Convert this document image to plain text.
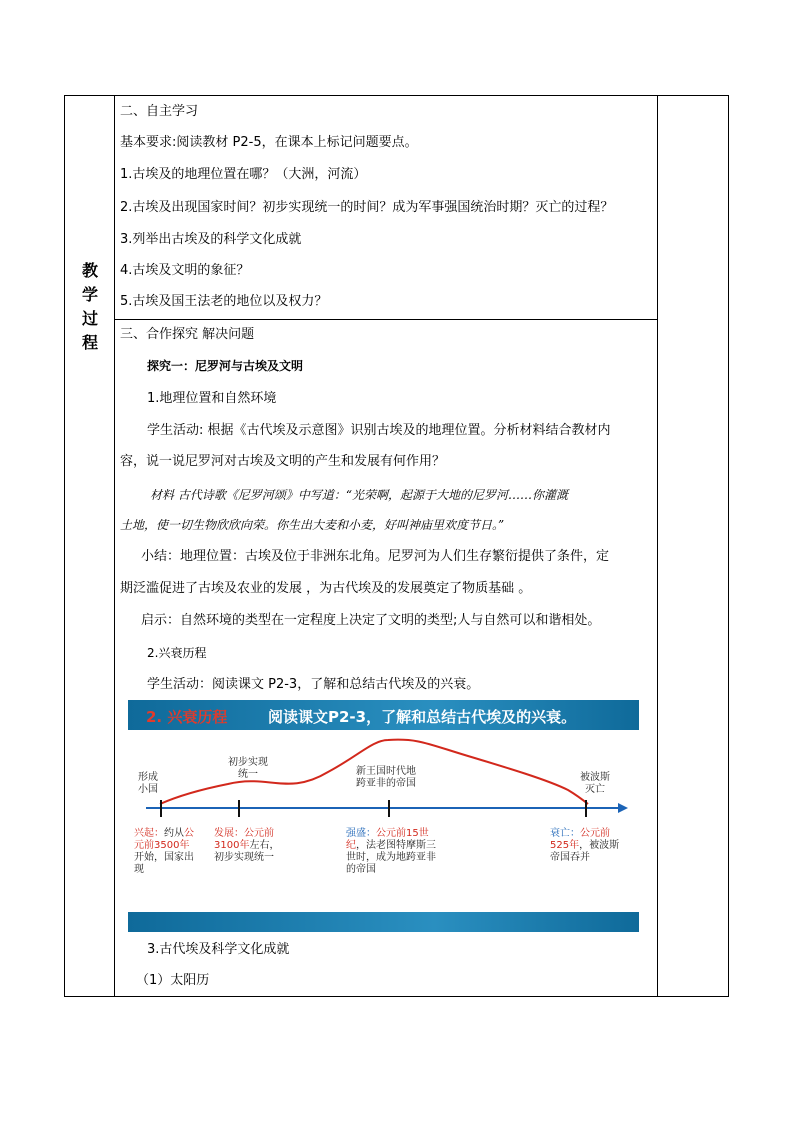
教
学
过
程
二、自主学习
基本要求:阅读教材 P2-5，在课本上标记问题要点。
1.古埃及的地理位置在哪？（大洲，河流）
2.古埃及出现国家时间？初步实现统一的时间？成为军事强国统治时期？灭亡的过程？
3.列举出古埃及的科学文化成就
4.古埃及文明的象征？
5.古埃及国王法老的地位以及权力？
三、合作探究 解决问题
探究一：尼罗河与古埃及文明
1.地理位置和自然环境
学生活动: 根据《古代埃及示意图》识别古埃及的地理位置。分析材料结合教材内
容，说一说尼罗河对古埃及文明的产生和发展有何作用？
材料 古代诗歌《尼罗河颂》中写道：“光荣啊，起源于大地的尼罗河……你灌溉
土地，使一切生物欣欣向荣。你生出大麦和小麦，好叫神庙里欢度节日。”
小结：地理位置：古埃及位于非洲东北角。尼罗河为人们生存繁衍提供了条件，定
期泛滥促进了古埃及农业的发展 ，为古代埃及的发展奠定了物质基础 。
启示：自然环境的类型在一定程度上决定了文明的类型;人与自然可以和谐相处。
2.兴衰历程
学生活动：阅读课文 P2-3，了解和总结古代埃及的兴衰。
2. 兴衰历程	阅读课文P2-3，了解和总结古代埃及的兴衰。
形成
小国
初步实现
统一	新王国时代地
跨亚非的帝国
被波斯
灭亡
兴起：约从公元前3500年开始，国家出现
发展：公元前3100年左右，初步实现统一
强盛：公元前15世纪，法老图特摩斯三世时，成为地跨亚非的帝国
衰亡：公元前525年，被波斯帝国吞并
3.古代埃及科学文化成就
（1）太阳历
